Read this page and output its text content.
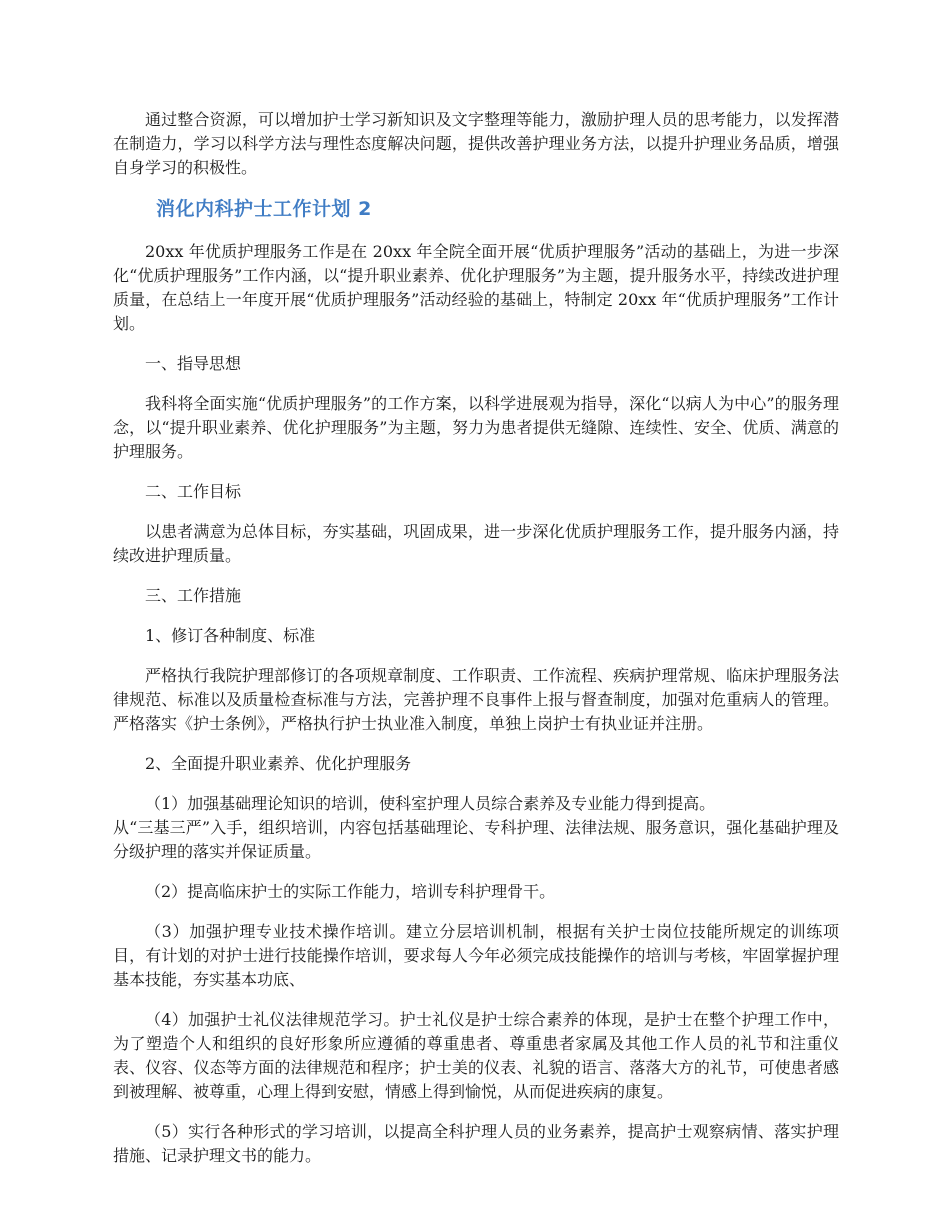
通过整合资源，可以增加护士学习新知识及文字整理等能力，激励护理人员的思考能力，以发挥潜在制造力，学习以科学方法与理性态度解决问题，提供改善护理业务方法，以提升护理业务品质，增强自身学习的积极性。

消化内科护士工作计划 2

20xx 年优质护理服务工作是在 20xx 年全院全面开展“优质护理服务”活动的基础上，为进一步深化“优质护理服务”工作内涵，以“提升职业素养、优化护理服务”为主题，提升服务水平，持续改进护理质量，在总结上一年度开展“优质护理服务”活动经验的基础上，特制定 20xx 年“优质护理服务”工作计划。

一、指导思想

我科将全面实施“优质护理服务”的工作方案，以科学进展观为指导，深化“以病人为中心”的服务理念，以“提升职业素养、优化护理服务”为主题，努力为患者提供无缝隙、连续性、安全、优质、满意的护理服务。

二、工作目标

以患者满意为总体目标，夯实基础，巩固成果，进一步深化优质护理服务工作，提升服务内涵，持续改进护理质量。

三、工作措施

1、修订各种制度、标准

严格执行我院护理部修订的各项规章制度、工作职责、工作流程、疾病护理常规、临床护理服务法律规范、标准以及质量检查标准与方法，完善护理不良事件上报与督查制度，加强对危重病人的管理。严格落实《护士条例》，严格执行护士执业准入制度，单独上岗护士有执业证并注册。

2、全面提升职业素养、优化护理服务

（1）加强基础理论知识的培训，使科室护理人员综合素养及专业能力得到提高。
从“三基三严”入手，组织培训，内容包括基础理论、专科护理、法律法规、服务意识，强化基础护理及分级护理的落实并保证质量。

（2）提高临床护士的实际工作能力，培训专科护理骨干。

（3）加强护理专业技术操作培训。建立分层培训机制，根据有关护士岗位技能所规定的训练项目，有计划的对护士进行技能操作培训，要求每人今年必须完成技能操作的培训与考核，牢固掌握护理基本技能，夯实基本功底、

（4）加强护士礼仪法律规范学习。护士礼仪是护士综合素养的体现，是护士在整个护理工作中，为了塑造个人和组织的良好形象所应遵循的尊重患者、尊重患者家属及其他工作人员的礼节和注重仪表、仪容、仪态等方面的法律规范和程序；护士美的仪表、礼貌的语言、落落大方的礼节，可使患者感到被理解、被尊重，心理上得到安慰，情感上得到愉悦，从而促进疾病的康复。

（5）实行各种形式的学习培训，以提高全科护理人员的业务素养，提高护士观察病情、落实护理措施、记录护理文书的能力。
